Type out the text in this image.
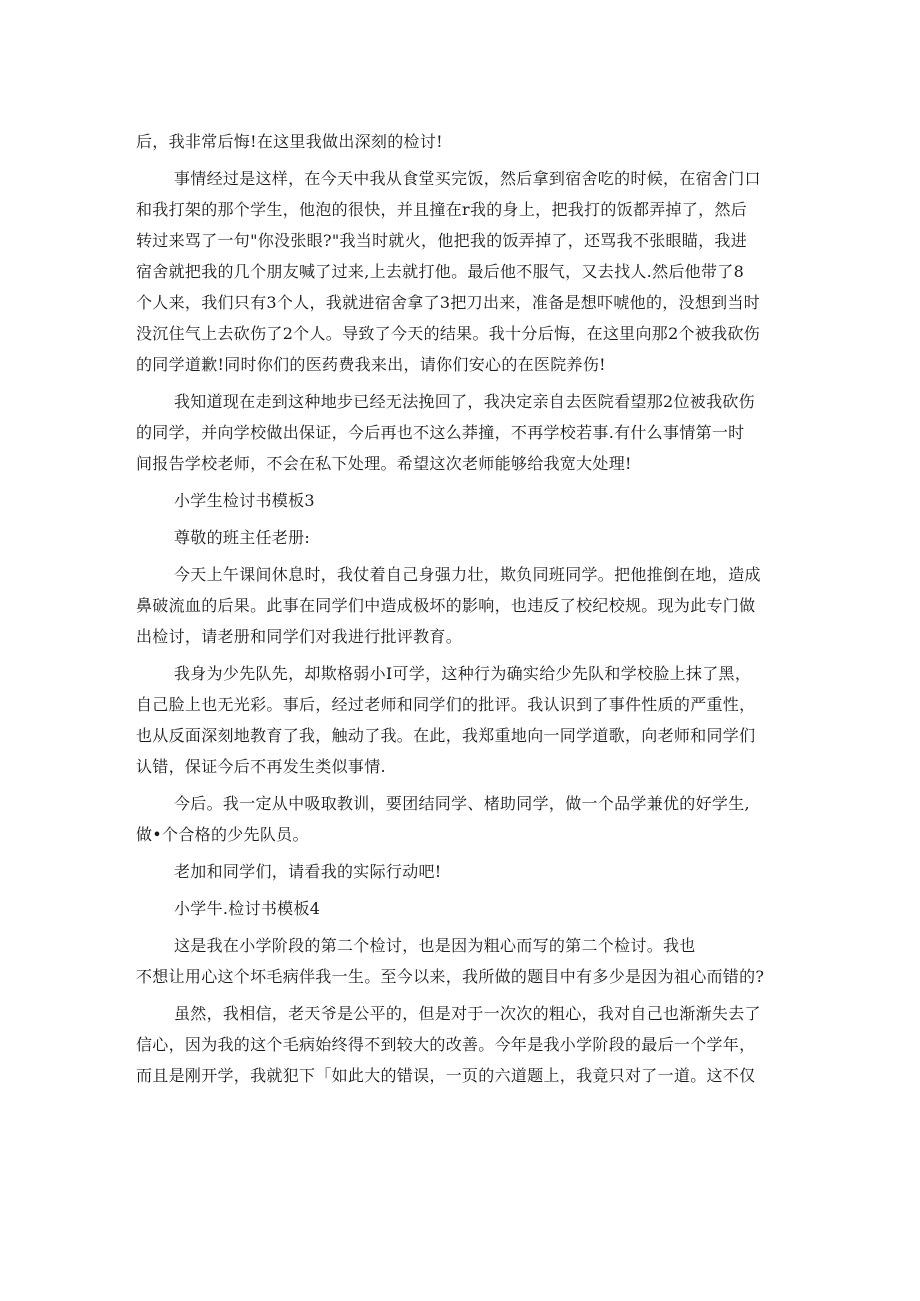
后，我非常后悔!在这里我做出深刻的检讨!

事情经过是这样，在今天中我从食堂买完饭，然后拿到宿舍吃的时候，在宿舍门口
和我打架的那个学生，他泡的很快，并且撞在r我的身上，把我打的饭都弄掉了，然后
转过来骂了一句"你没张眼?"我当时就火，他把我的饭弄掉了，还骂我不张眼瞄，我进
宿舍就把我的几个朋友喊了过来,上去就打他。最后他不服气，又去找人.然后他带了8
个人来，我们只有3个人，我就进宿舍拿了3把刀出来，准备是想吓唬他的，没想到当时
没沉住气上去砍伤了2个人。导致了今天的结果。我十分后悔，在这里向那2个被我砍伤
的同学道歉!同时你们的医药费我来出，请你们安心的在医院养伤!

我知道现在走到这种地步已经无法挽回了，我决定亲自去医院看望那2位被我砍伤
的同学，并向学校做出保证，今后再也不这么莽撞，不再学校若事.有什么事情第一时
间报告学校老师，不会在私下处理。希望这次老师能够给我宽大处理!

小学生检讨书模板3

尊敬的班主任老册:

今天上午课间休息时，我仗着自己身强力壮，欺负同班同学。把他推倒在地，造成
鼻破流血的后果。此事在同学们中造成极坏的影响，也违反了校纪校规。现为此专门做
出检讨，请老册和同学们对我进行批评教育。

我身为少先队先，却欺格弱小I可学，这种行为确实给少先队和学校脸上抹了黑，
自己脸上也无光彩。事后，经过老师和同学们的批评。我认识到了事件性质的严重性，
也从反面深刻地教育了我，触动了我。在此，我郑重地向一同学道歌，向老师和同学们
认错，保证今后不再发生类似事情.

今后。我一定从中吸取教训，要团结同学、楮助同学，做一个品学兼优的好学生,
做•个合格的少先队员。

老加和同学们，请看我的实际行动吧!

小学牛.检讨书模板4

这是我在小学阶段的第二个检讨，也是因为粗心而写的第二个检讨。我也
不想让用心这个坏毛病伴我一生。至今以来，我所做的题目中有多少是因为祖心而错的?

虽然，我相信，老天爷是公平的，但是对于一次次的粗心，我对自己也渐渐失去了
信心，因为我的这个毛病始终得不到较大的改善。今年是我小学阶段的最后一个学年，
而且是刚开学，我就犯下「如此大的错误，一页的六道题上，我竟只对了一道。这不仅
